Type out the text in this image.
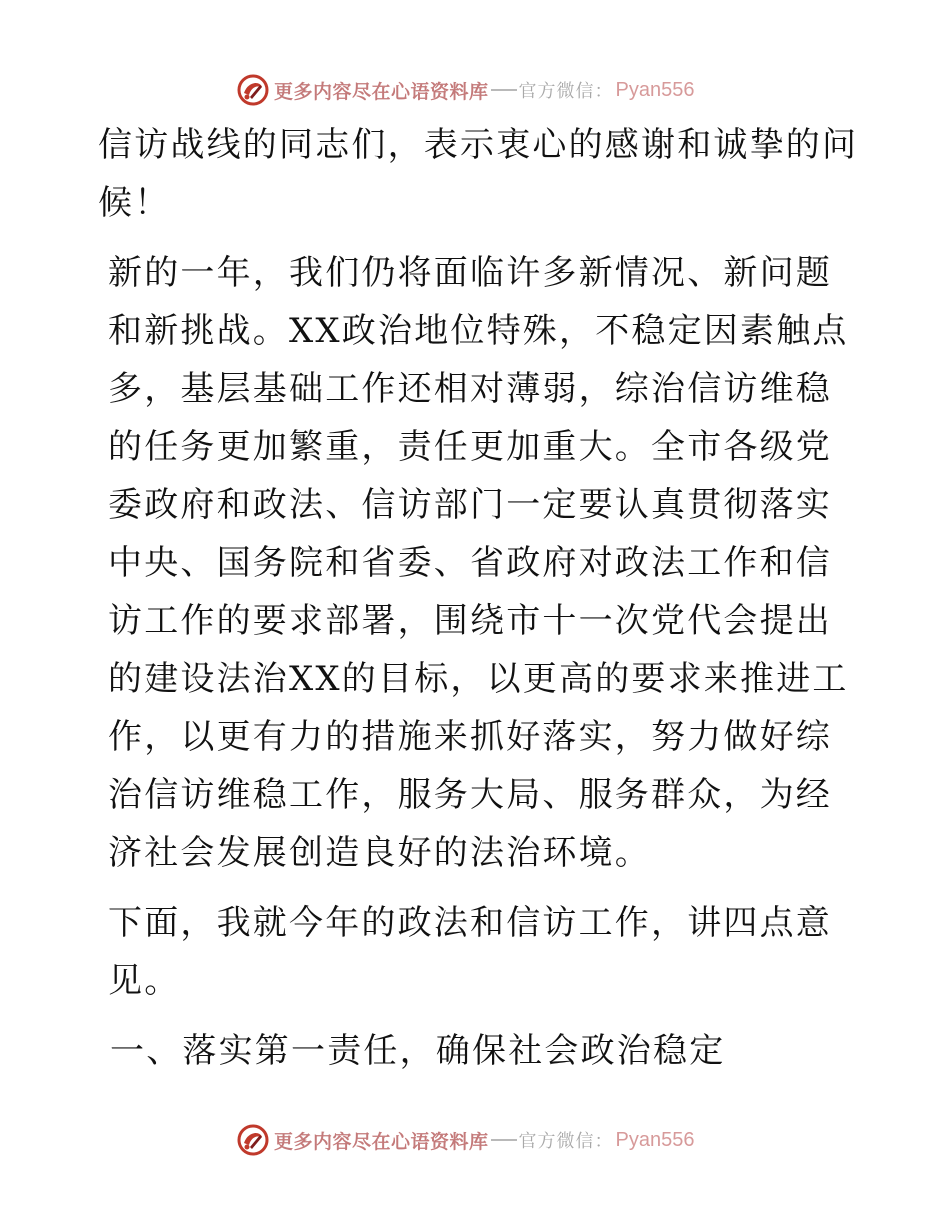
更多内容尽在心语资料库 官方微信： Pyan556

信访战线的同志们，表示衷心的感谢和诚挚的问候！

新的一年，我们仍将面临许多新情况、新问题和新挑战。XX政治地位特殊，不稳定因素触点多，基层基础工作还相对薄弱，综治信访维稳的任务更加繁重，责任更加重大。全市各级党委政府和政法、信访部门一定要认真贯彻落实中央、国务院和省委、省政府对政法工作和信访工作的要求部署，围绕市十一次党代会提出的建设法治XX的目标，以更高的要求来推进工作，以更有力的措施来抓好落实，努力做好综治信访维稳工作，服务大局、服务群众，为经济社会发展创造良好的法治环境。

下面，我就今年的政法和信访工作，讲四点意见。

一、落实第一责任，确保社会政治稳定

更多内容尽在心语资料库 官方微信： Pyan556
